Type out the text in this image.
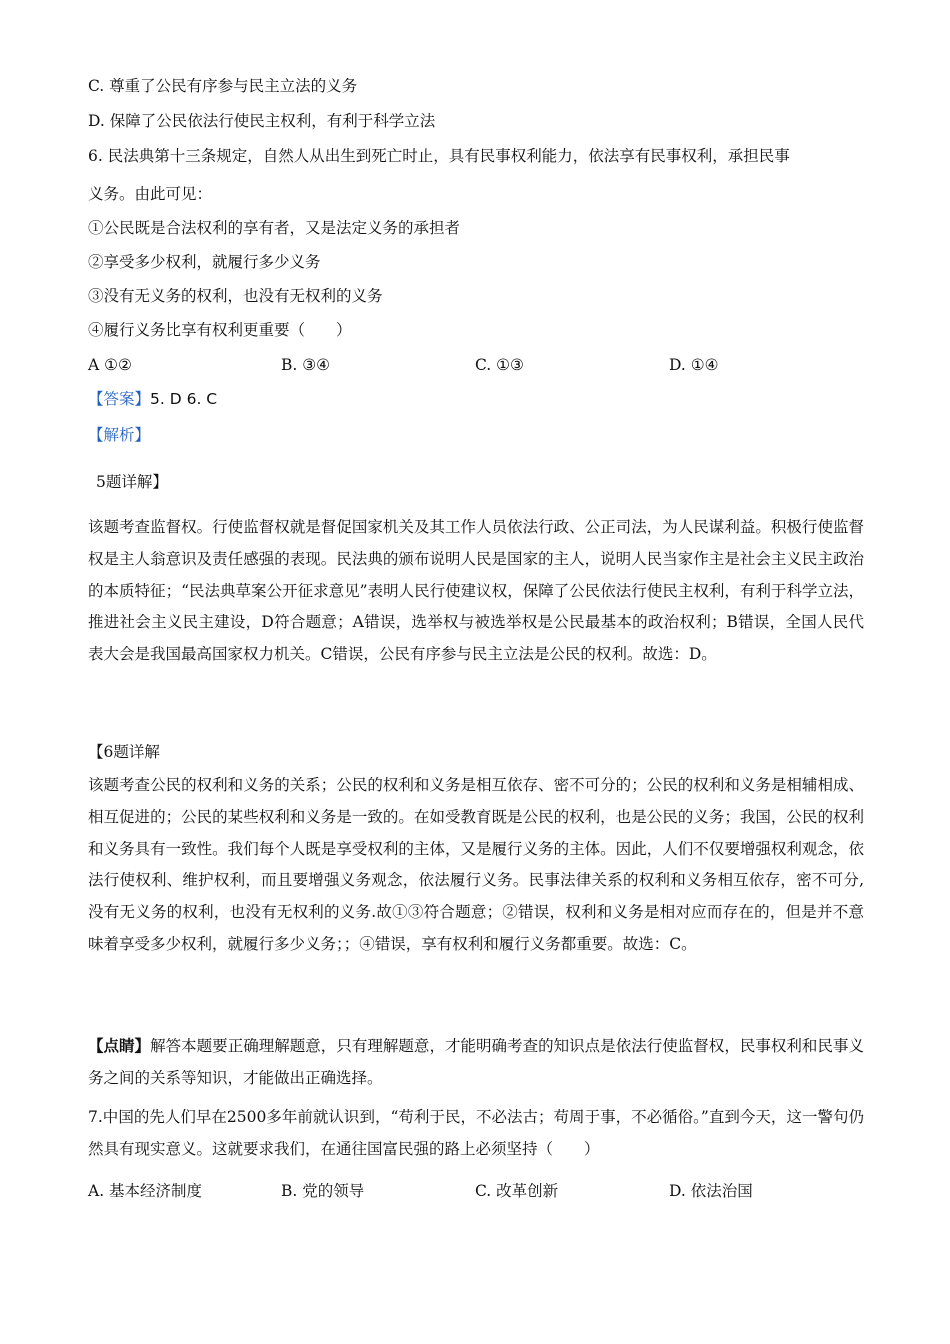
C. 尊重了公民有序参与民主立法的义务
D. 保障了公民依法行使民主权利，有利于科学立法
6. 民法典第十三条规定，自然人从出生到死亡时止，具有民事权利能力，依法享有民事权利，承担民事
义务。由此可见：
①公民既是合法权利的享有者，又是法定义务的承担者
②享受多少权利，就履行多少义务
③没有无义务的权利，也没有无权利的义务
④履行义务比享有权利更重要（　　）
A ①②	B. ③④	C. ①③	D. ①④
【答案】5. D 6. C
【解析】
5题详解】
该题考查监督权。行使监督权就是督促国家机关及其工作人员依法行政、公正司法，为人民谋利益。积极行使监督权是主人翁意识及责任感强的表现。民法典的颁布说明人民是国家的主人，说明人民当家作主是社会主义民主政治的本质特征；“民法典草案公开征求意见”表明人民行使建议权，保障了公民依法行使民主权利，有利于科学立法，推进社会主义民主建设，D符合题意；A错误，选举权与被选举权是公民最基本的政治权利；B错误，全国人民代表大会是我国最高国家权力机关。C错误，公民有序参与民主立法是公民的权利。故选：D。
【6题详解
该题考查公民的权利和义务的关系；公民的权利和义务是相互依存、密不可分的；公民的权利和义务是相辅相成、相互促进的；公民的某些权利和义务是一致的。在如受教育既是公民的权利，也是公民的义务；我国，公民的权利和义务具有一致性。我们每个人既是享受权利的主体，又是履行义务的主体。因此，人们不仅要增强权利观念，依法行使权利、维护权利，而且要增强义务观念，依法履行义务。民事法律关系的权利和义务相互依存，密不可分,没有无义务的权利，也没有无权利的义务.故①③符合题意；②错误，权利和义务是相对应而存在的，但是并不意味着享受多少权利，就履行多少义务；；④错误，享有权利和履行义务都重要。故选：C。
【点睛】解答本题要正确理解题意，只有理解题意，才能明确考查的知识点是依法行使监督权，民事权利和民事义务之间的关系等知识，才能做出正确选择。
7.中国的先人们早在2500多年前就认识到，“苟利于民，不必法古；苟周于事，不必循俗。”直到今天，这一警句仍然具有现实意义。这就要求我们，在通往国富民强的路上必须坚持（　　）
A. 基本经济制度	B. 党的领导	C. 改革创新	D. 依法治国
